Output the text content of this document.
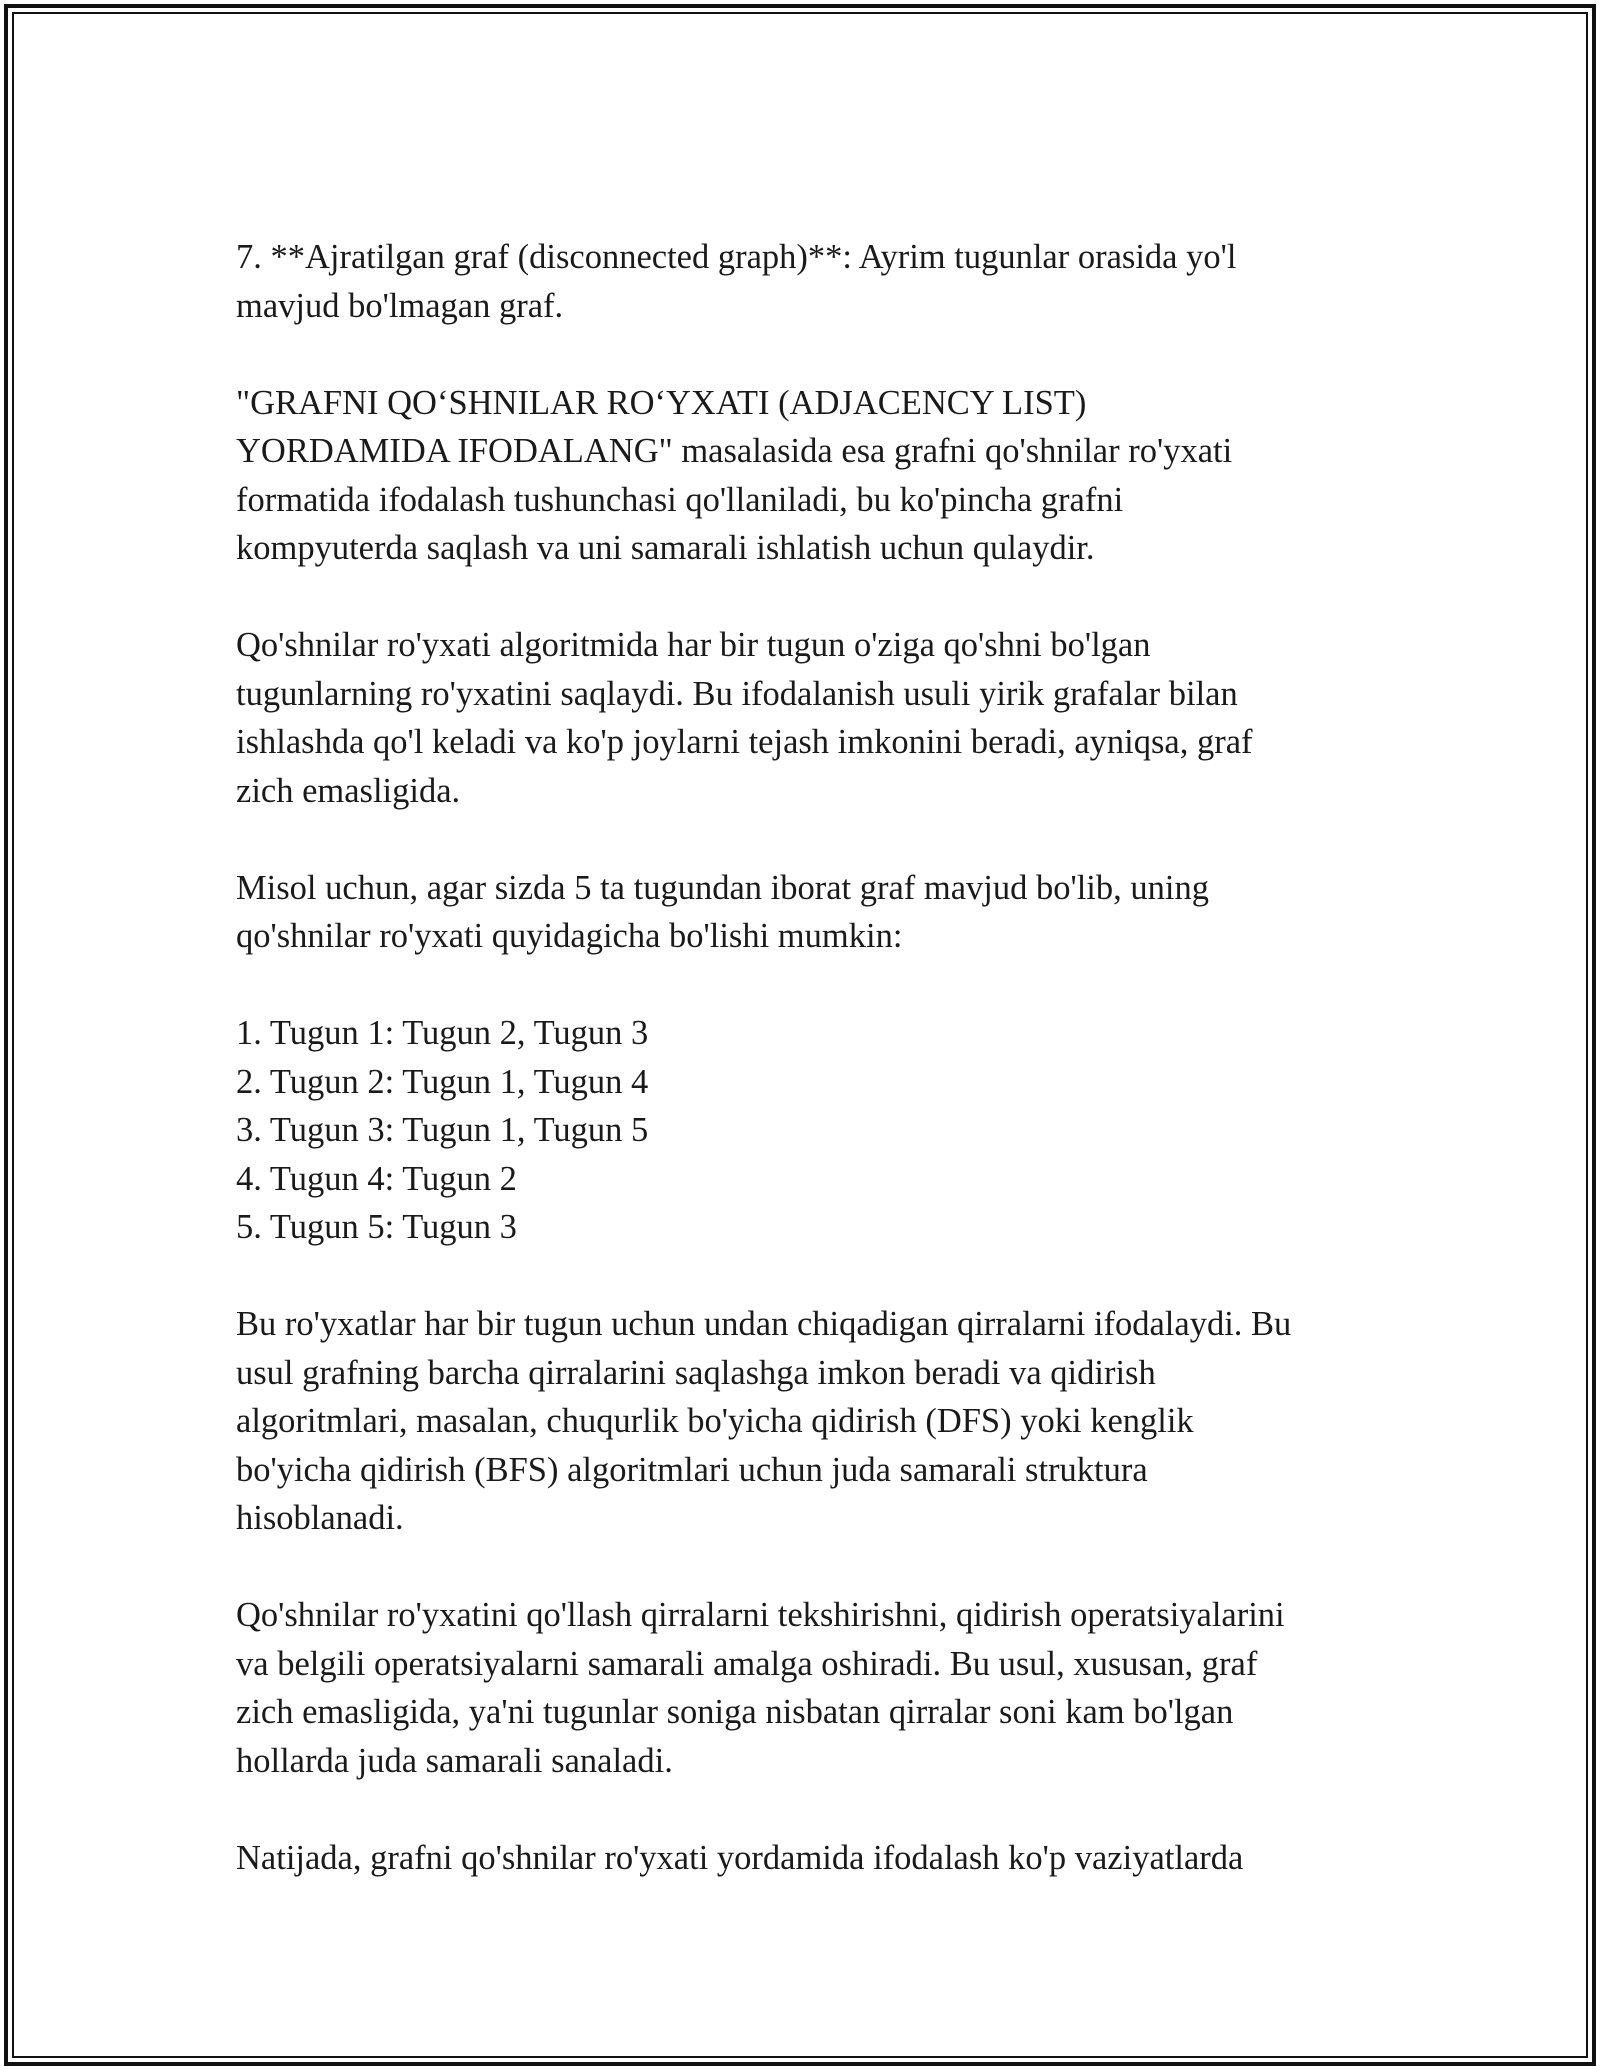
7. **Ajratilgan graf (disconnected graph)**: Ayrim tugunlar orasida yo'l
mavjud bo'lmagan graf.

"GRAFNI QO‘SHNILAR RO‘YXATI (ADJACENCY LIST)
YORDAMIDA IFODALANG" masalasida esa grafni qo'shnilar ro'yxati
formatida ifodalash tushunchasi qo'llaniladi, bu ko'pincha grafni
kompyuterda saqlash va uni samarali ishlatish uchun qulaydir.

Qo'shnilar ro'yxati algoritmida har bir tugun o'ziga qo'shni bo'lgan
tugunlarning ro'yxatini saqlaydi. Bu ifodalanish usuli yirik grafalar bilan
ishlashda qo'l keladi va ko'p joylarni tejash imkonini beradi, ayniqsa, graf
zich emasligida.

Misol uchun, agar sizda 5 ta tugundan iborat graf mavjud bo'lib, uning
qo'shnilar ro'yxati quyidagicha bo'lishi mumkin:

1. Tugun 1: Tugun 2, Tugun 3
2. Tugun 2: Tugun 1, Tugun 4
3. Tugun 3: Tugun 1, Tugun 5
4. Tugun 4: Tugun 2
5. Tugun 5: Tugun 3

Bu ro'yxatlar har bir tugun uchun undan chiqadigan qirralarni ifodalaydi. Bu
usul grafning barcha qirralarini saqlashga imkon beradi va qidirish
algoritmlari, masalan, chuqurlik bo'yicha qidirish (DFS) yoki kenglik
bo'yicha qidirish (BFS) algoritmlari uchun juda samarali struktura
hisoblanadi.

Qo'shnilar ro'yxatini qo'llash qirralarni tekshirishni, qidirish operatsiyalarini
va belgili operatsiyalarni samarali amalga oshiradi. Bu usul, xususan, graf
zich emasligida, ya'ni tugunlar soniga nisbatan qirralar soni kam bo'lgan
hollarda juda samarali sanaladi.

Natijada, grafni qo'shnilar ro'yxati yordamida ifodalash ko'p vaziyatlarda
